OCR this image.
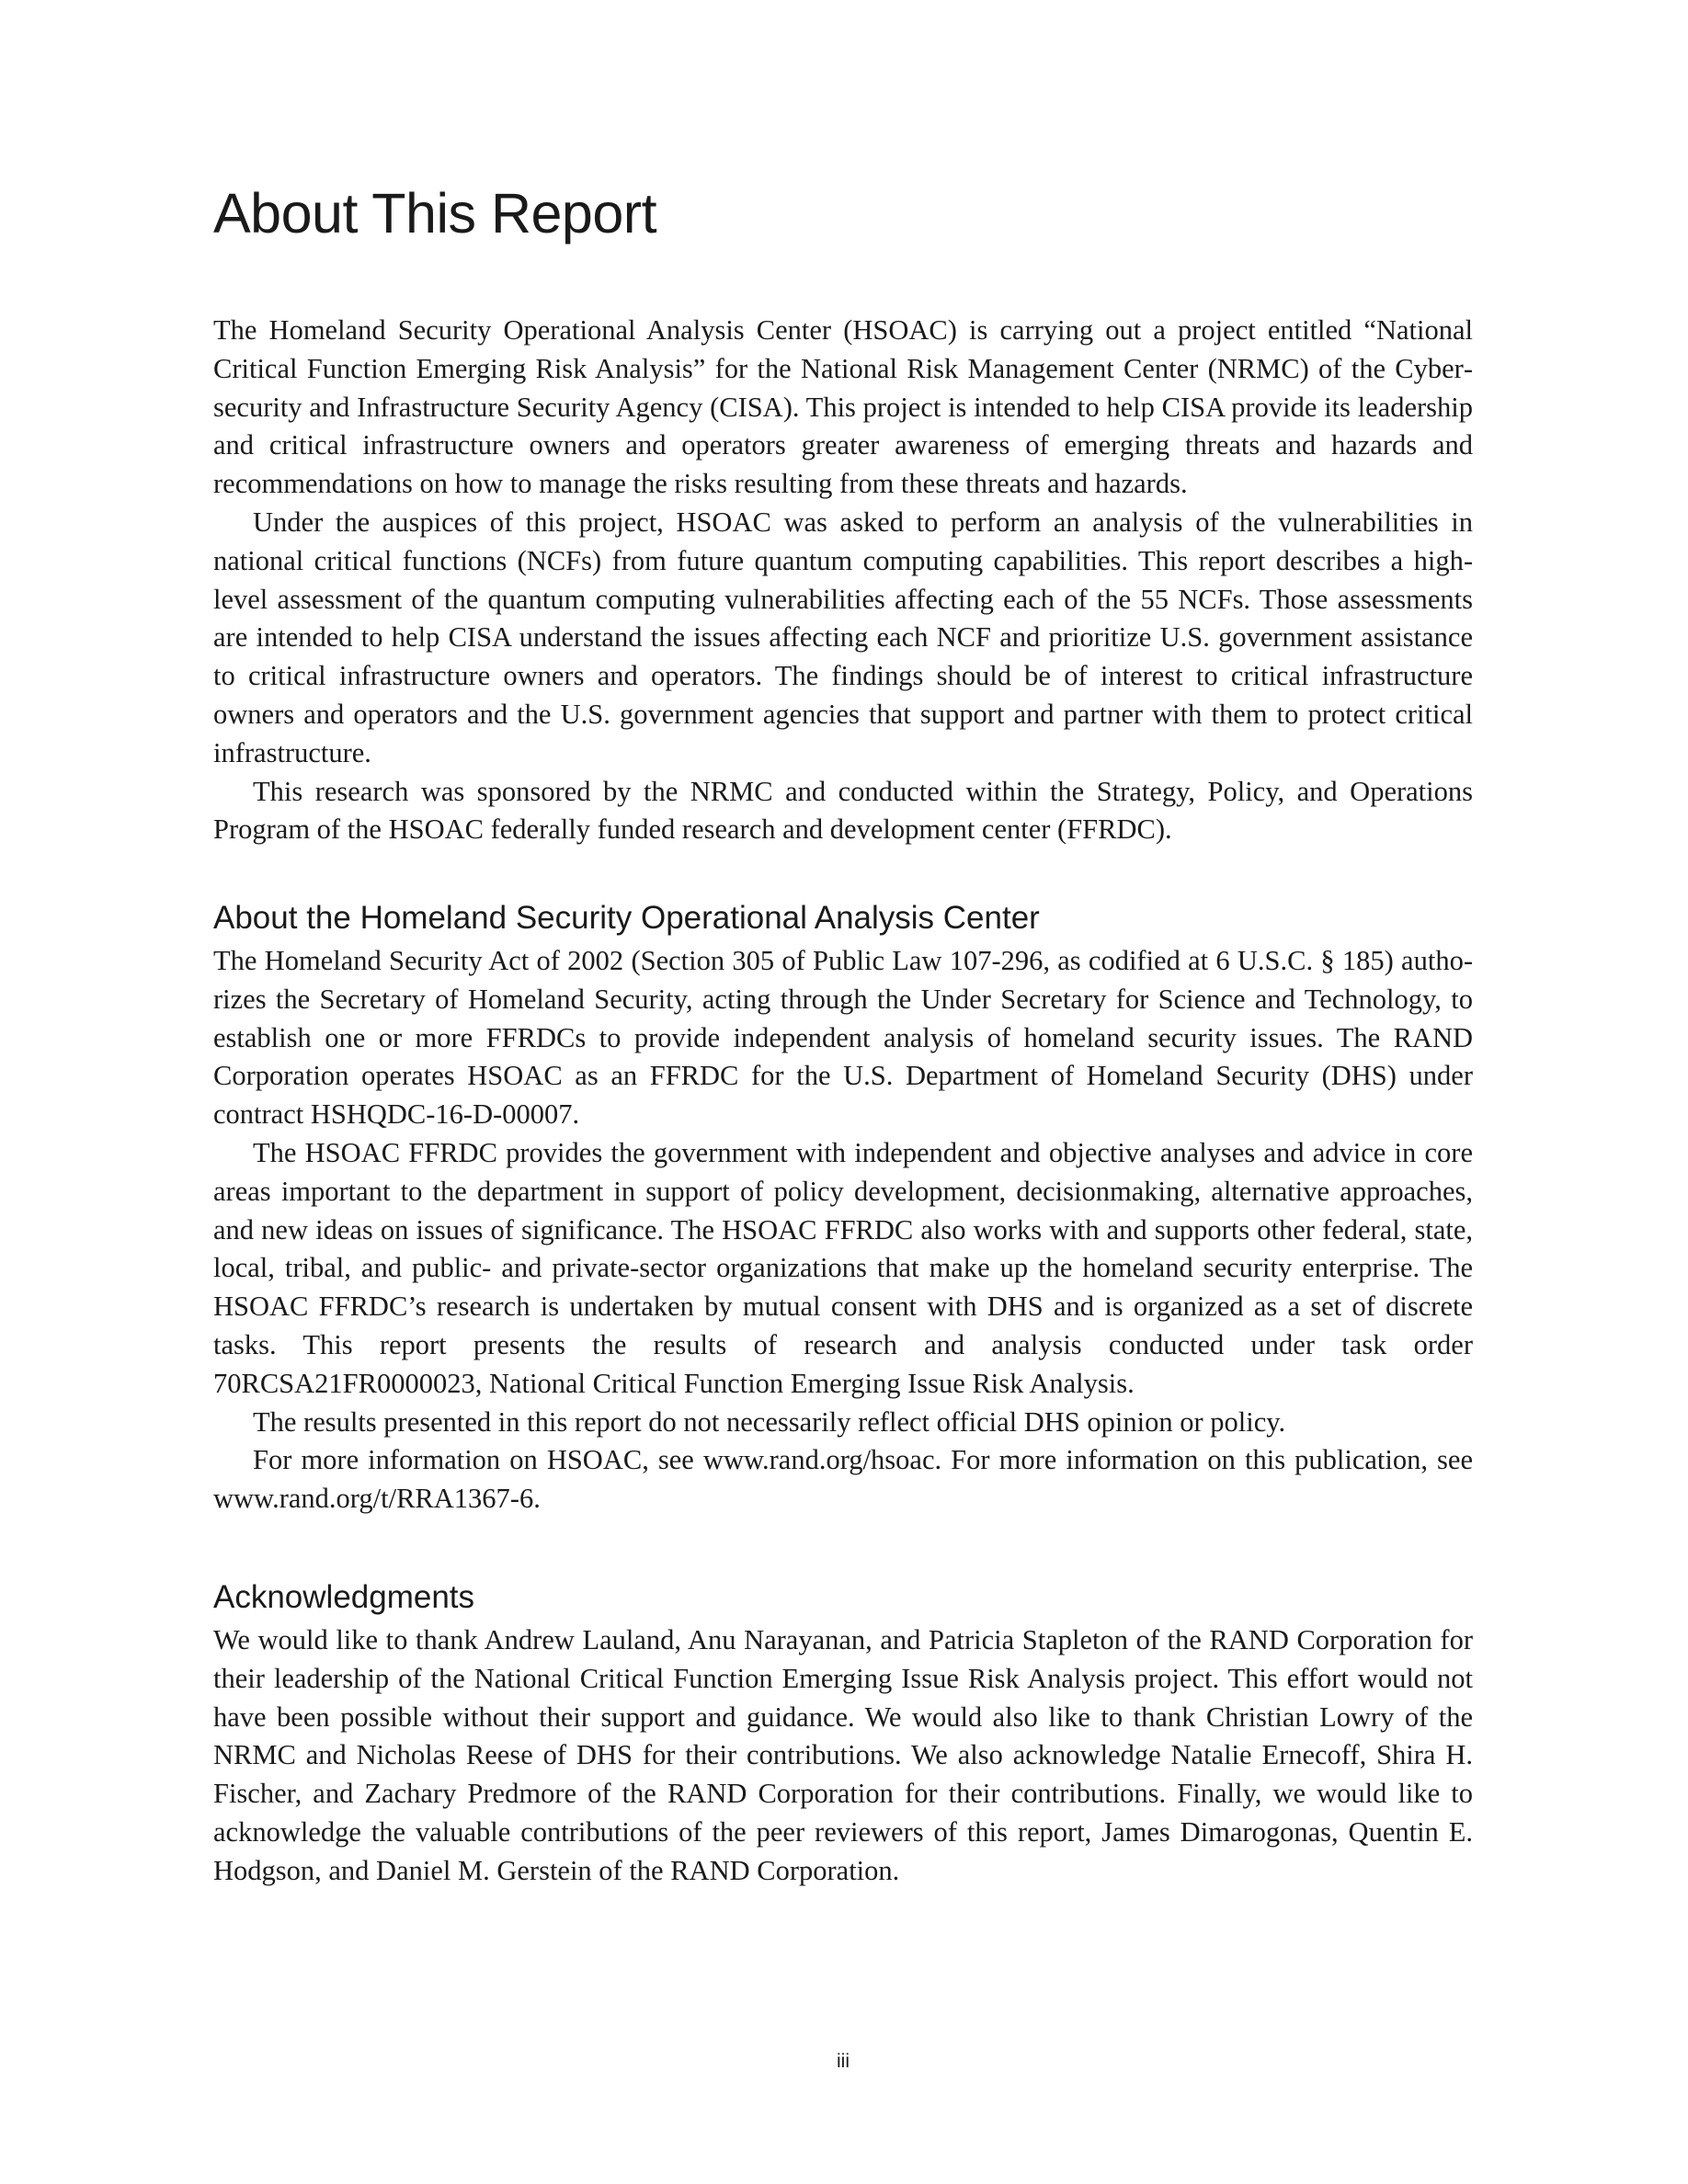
About This Report

The Homeland Security Operational Analysis Center (HSOAC) is carrying out a project entitled “National Critical Function Emerging Risk Analysis” for the National Risk Management Center (NRMC) of the Cybersecurity and Infrastructure Security Agency (CISA). This project is intended to help CISA provide its leadership and critical infrastructure owners and operators greater awareness of emerging threats and hazards and recommendations on how to manage the risks resulting from these threats and hazards.

Under the auspices of this project, HSOAC was asked to perform an analysis of the vulnerabilities in national critical functions (NCFs) from future quantum computing capabilities. This report describes a high-level assessment of the quantum computing vulnerabilities affecting each of the 55 NCFs. Those assessments are intended to help CISA understand the issues affecting each NCF and prioritize U.S. government assistance to critical infrastructure owners and operators. The findings should be of interest to critical infrastructure owners and operators and the U.S. government agencies that support and partner with them to protect critical infrastructure.

This research was sponsored by the NRMC and conducted within the Strategy, Policy, and Operations Program of the HSOAC federally funded research and development center (FFRDC).

About the Homeland Security Operational Analysis Center

The Homeland Security Act of 2002 (Section 305 of Public Law 107-296, as codified at 6 U.S.C. § 185) authorizes the Secretary of Homeland Security, acting through the Under Secretary for Science and Technology, to establish one or more FFRDCs to provide independent analysis of homeland security issues. The RAND Corporation operates HSOAC as an FFRDC for the U.S. Department of Homeland Security (DHS) under contract HSHQDC-16-D-00007.

The HSOAC FFRDC provides the government with independent and objective analyses and advice in core areas important to the department in support of policy development, decisionmaking, alternative approaches, and new ideas on issues of significance. The HSOAC FFRDC also works with and supports other federal, state, local, tribal, and public- and private-sector organizations that make up the homeland security enterprise. The HSOAC FFRDC’s research is undertaken by mutual consent with DHS and is organized as a set of discrete tasks. This report presents the results of research and analysis conducted under task order 70RCSA21FR0000023, National Critical Function Emerging Issue Risk Analysis.

The results presented in this report do not necessarily reflect official DHS opinion or policy.

For more information on HSOAC, see www.rand.org/hsoac. For more information on this publication, see www.rand.org/t/RRA1367-6.

Acknowledgments

We would like to thank Andrew Lauland, Anu Narayanan, and Patricia Stapleton of the RAND Corporation for their leadership of the National Critical Function Emerging Issue Risk Analysis project. This effort would not have been possible without their support and guidance. We would also like to thank Christian Lowry of the NRMC and Nicholas Reese of DHS for their contributions. We also acknowledge Natalie Ernecoff, Shira H. Fischer, and Zachary Predmore of the RAND Corporation for their contributions. Finally, we would like to acknowledge the valuable contributions of the peer reviewers of this report, James Dimarogonas, Quentin E. Hodgson, and Daniel M. Gerstein of the RAND Corporation.

iii
